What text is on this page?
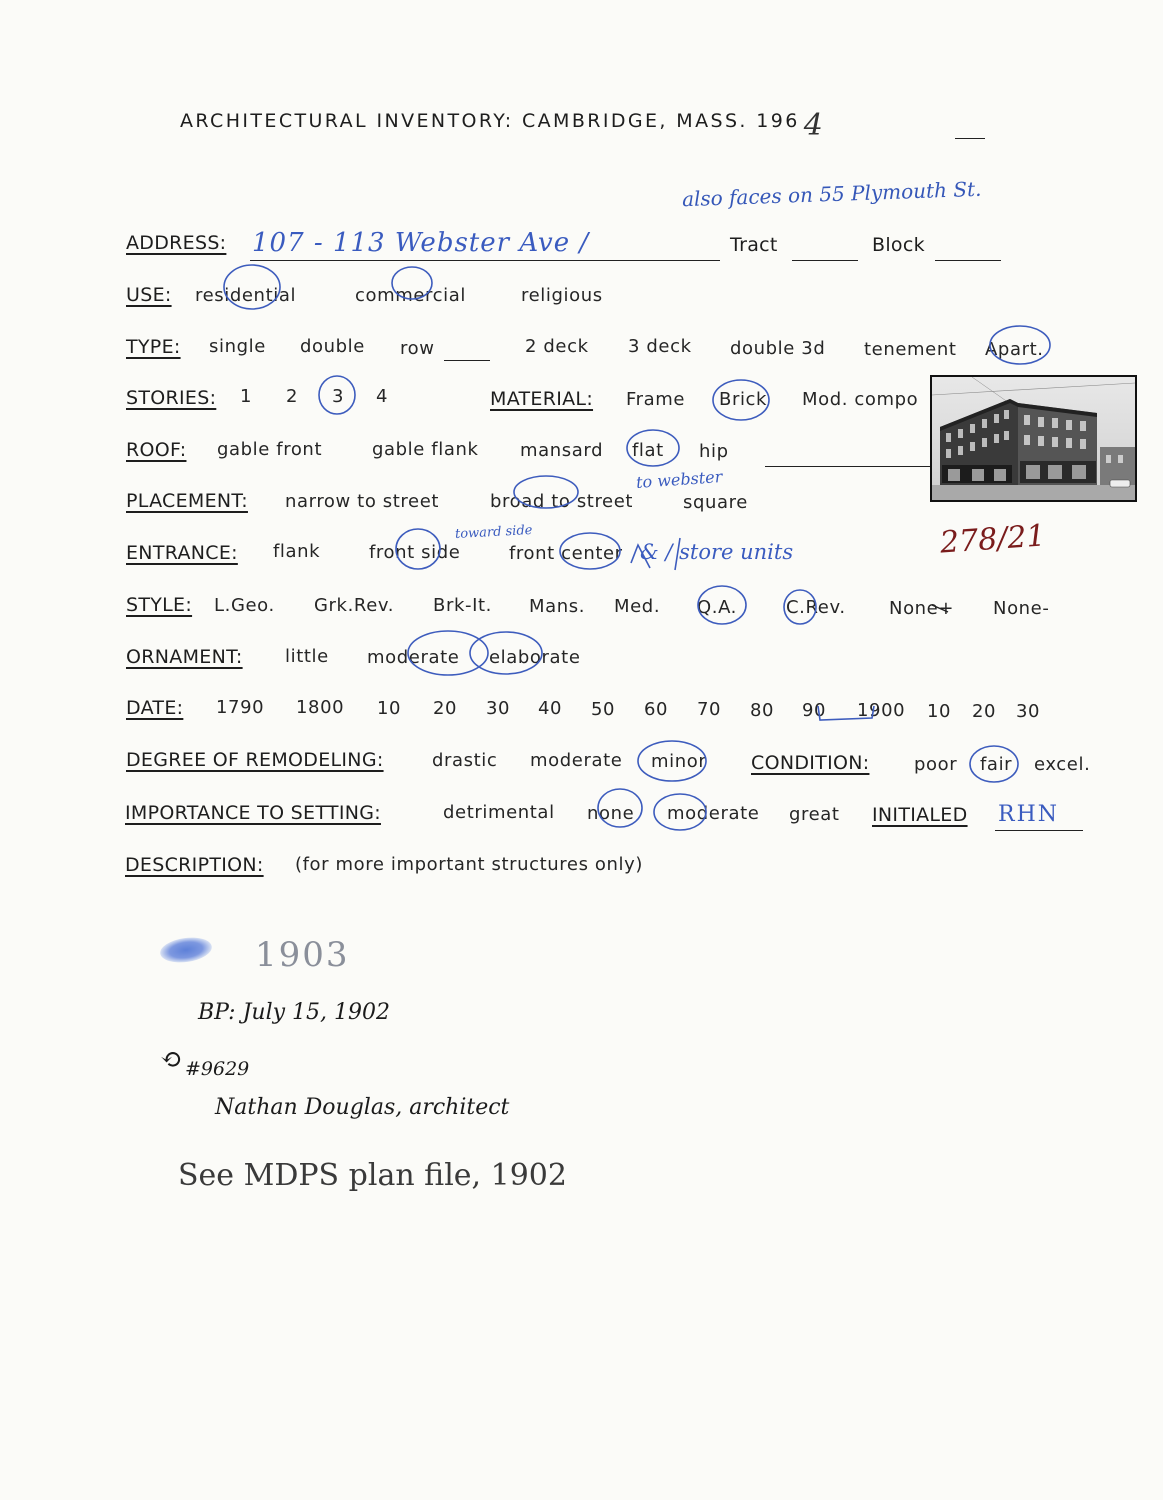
ARCHITECTURAL INVENTORY: CAMBRIDGE, MASS. 196 4
also faces on 55 Plymouth St.
ADDRESS: 107 - 113 Webster Ave /	Tract	Block
USE: residential	commercial	religious
TYPE: single double row	2 deck 3 deck double 3d tenement Apart.
STORIES: 1 2 3 4	MATERIAL: Frame Brick Mod. compo
ROOF: gable front	gable flank mansard flat hip
PLACEMENT: narrow to street	broad to street	square
to webster
toward side
ENTRANCE: flank	front side	front center & / store units	278/21
STYLE: L.Geo. Grk.Rev. Brk-It. Mans. Med. Q.A.	C.Rev. None+ None-
ORNAMENT: little moderate elaborate
DATE: 1790 1800 10 20 30 40 50 60 70 80 90 1900 10 20 30
DEGREE OF REMODELING:	drastic moderate minor CONDITION: poor fair excel.
IMPORTANCE TO SETTING:	detrimental none moderate great INITIALED RHN
DESCRIPTION: (for more important structures only)
1903
BP: July 15, 1902
⟲ #9629
Nathan Douglas, architect
See MDPS plan file, 1902
